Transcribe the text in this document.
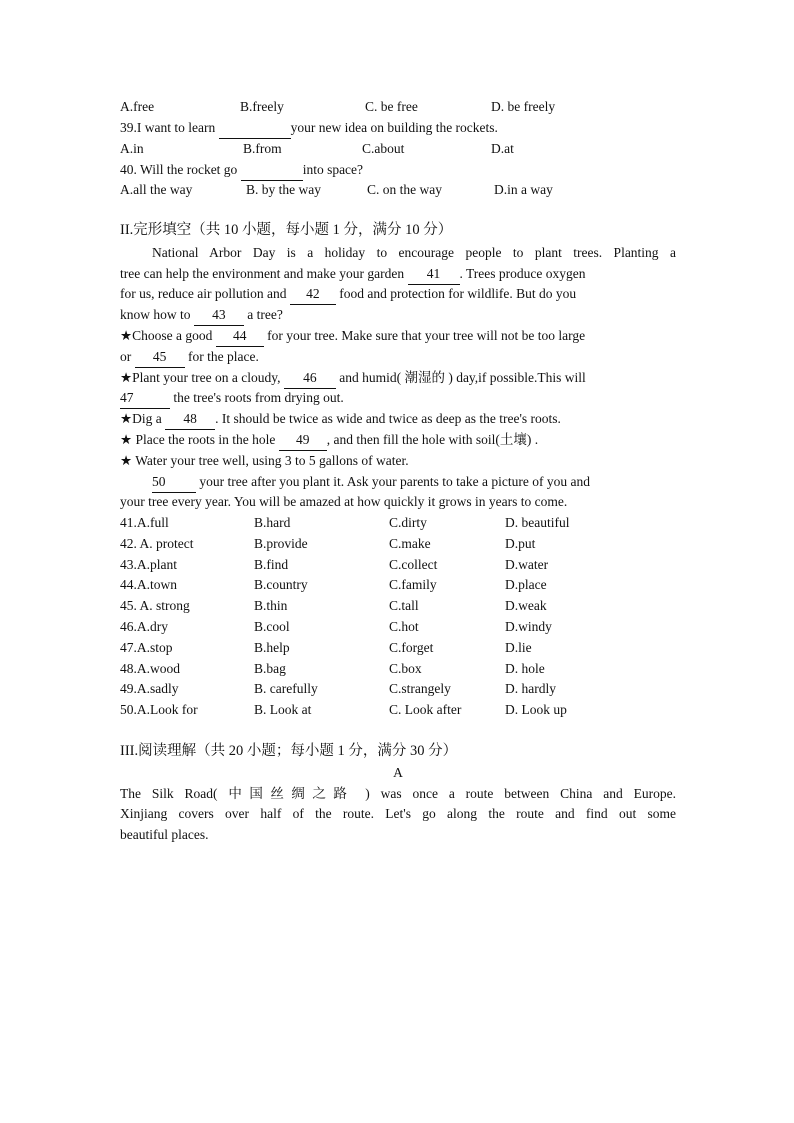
A.free	B.freely	C. be free	D. be freely
39.I want to learn	your new idea on building the rockets.
A.in	B.from	C.about	D.at
40. Will the rocket go	into space?
A.all the way	B. by the way	C. on the way	D.in a way
II.完形填空（共 10 小题，每小题 1 分，满分 10 分）
National Arbor Day is a holiday to encourage people to plant trees. Planting a
tree can help the environment and make your garden 41 . Trees produce oxygen
for us, reduce air pollution and 42 food and protection for wildlife. But do you
know how to 43 a tree?
★Choose a good 44 for your tree. Make sure that your tree will not be too large
or 45 for the place.
★Plant your tree on a cloudy, 46 and humid( 潮湿的 ) day,if possible.This will
47	the tree's roots from drying out.
★Dig a 48 . It should be twice as wide and twice as deep as the tree's roots.
★ Place the roots in the hole 49 , and then fill the hole with soil(土壤) .
★ Water your tree well, using 3 to 5 gallons of water.
50 your tree after you plant it. Ask your parents to take a picture of you and
your tree every year. You will be amazed at how quickly it grows in years to come.
41.A.full	B.hard	C.dirty	D. beautiful
42. A. protect	B.provide	C.make	D.put
43.A.plant	B.find	C.collect	D.water
44.A.town	B.country	C.family	D.place
45. A. strong	B.thin	C.tall	D.weak
46.A.dry	B.cool	C.hot	D.windy
47.A.stop	B.help	C.forget	D.lie
48.A.wood	B.bag	C.box	D. hole
49.A.sadly	B. carefully	C.strangely	D. hardly
50.A.Look for	B. Look at	C. Look after	D. Look up
III.阅读理解（共 20 小题；每小题 1 分，满分 30 分）
A
The Silk Road( 中国丝绸之路 ) was once a route between China and Europe.
Xinjiang covers over half of the route. Let's go along the route and find out some
beautiful places.
